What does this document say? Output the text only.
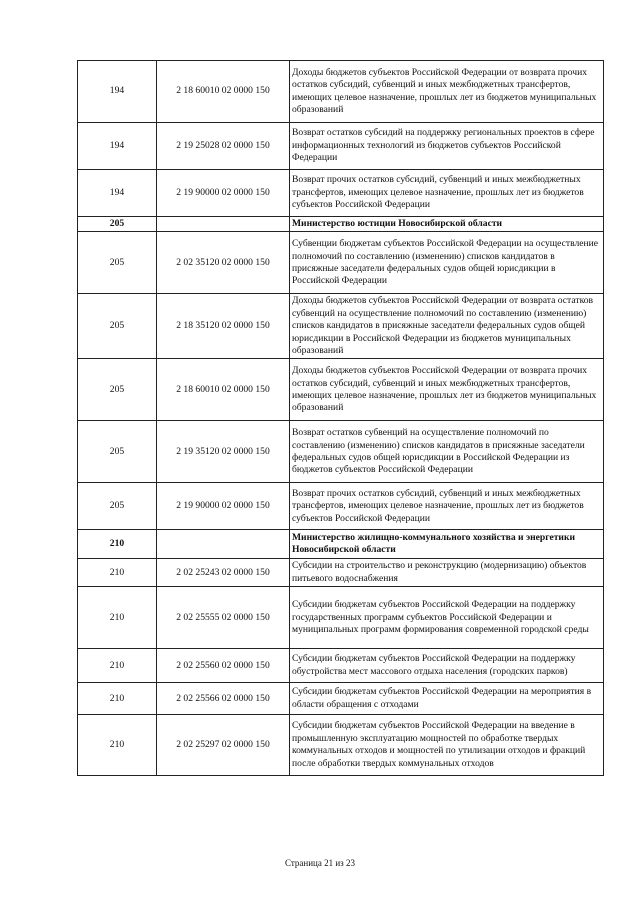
194	2 18 60010 02 0000 150	Доходы бюджетов субъектов Российской Федерации от возврата прочих остатков субсидий, субвенций и иных межбюджетных трансфертов, имеющих целевое назначение, прошлых лет из бюджетов муниципальных образований
194	2 19 25028 02 0000 150	Возврат остатков субсидий на поддержку региональных проектов в сфере информационных технологий из бюджетов субъектов Российской Федерации
194	2 19 90000 02 0000 150	Возврат прочих остатков субсидий, субвенций и иных межбюджетных трансфертов, имеющих целевое назначение, прошлых лет из бюджетов субъектов Российской Федерации
205		Министерство юстиции Новосибирской области
205	2 02 35120 02 0000 150	Субвенции бюджетам субъектов Российской Федерации на осуществление полномочий по составлению (изменению) списков кандидатов в присяжные заседатели федеральных судов общей юрисдикции в Российской Федерации
205	2 18 35120 02 0000 150	Доходы бюджетов субъектов Российской Федерации от возврата остатков субвенций на осуществление полномочий по составлению (изменению) списков кандидатов в присяжные заседатели федеральных судов общей юрисдикции в Российской Федерации из бюджетов муниципальных образований
205	2 18 60010 02 0000 150	Доходы бюджетов субъектов Российской Федерации от возврата прочих остатков субсидий, субвенций и иных межбюджетных трансфертов, имеющих целевое назначение, прошлых лет из бюджетов муниципальных образований
205	2 19 35120 02 0000 150	Возврат остатков субвенций на осуществление полномочий по составлению (изменению) списков кандидатов в присяжные заседатели федеральных судов общей юрисдикции в Российской Федерации из бюджетов субъектов Российской Федерации
205	2 19 90000 02 0000 150	Возврат прочих остатков субсидий, субвенций и иных межбюджетных трансфертов, имеющих целевое назначение, прошлых лет из бюджетов субъектов Российской Федерации
210		Министерство жилищно-коммунального хозяйства и энергетики Новосибирской области
210	2 02 25243 02 0000 150	Субсидии на строительство и реконструкцию (модернизацию) объектов питьевого водоснабжения
210	2 02 25555 02 0000 150	Субсидии бюджетам субъектов Российской Федерации на поддержку государственных программ субъектов Российской Федерации и муниципальных программ формирования современной городской среды
210	2 02 25560 02 0000 150	Субсидии бюджетам субъектов Российской Федерации на поддержку обустройства мест массового отдыха населения (городских парков)
210	2 02 25566 02 0000 150	Субсидии бюджетам субъектов Российской Федерации на мероприятия в области обращения с отходами
210	2 02 25297 02 0000 150	Субсидии бюджетам субъектов Российской Федерации на введение в промышленную эксплуатацию мощностей по обработке твердых коммунальных отходов и мощностей по утилизации отходов и фракций после обработки твердых коммунальных отходов
Страница 21 из 23
